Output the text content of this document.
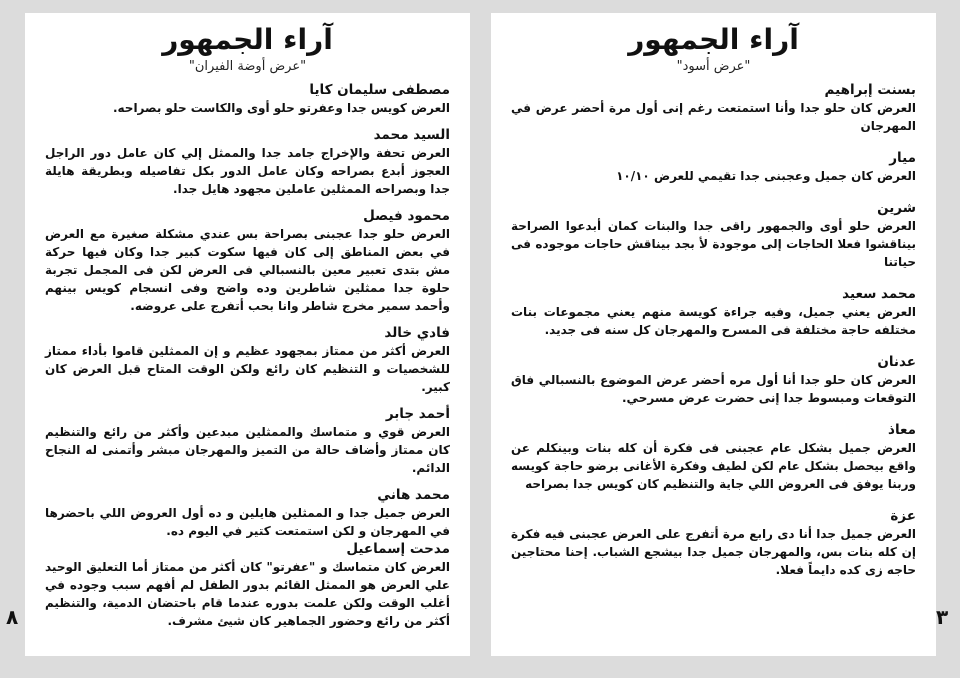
آراء الجمهور
"عرض أوضة الفيران"
مصطفى سليمان كايا
العرض كويس جدا وعفرتو حلو أوى والكاست حلو بصراحه.
السيد محمد
العرض تحفة والإخراج جامد جدا والممثل إلي كان عامل دور الراجل العجوز أبدع بصراحه وكان عامل الدور بكل تفاصيله وبطريقة هايلة جدا وبصراحه الممثلين عاملين مجهود هايل جدا.
محمود فيصل
العرض حلو جدا عجبنى بصراحة بس عندي مشكلة صغيرة مع العرض في بعض المناطق إلى كان فيها سكوت كبير جدا وكان فيها حركة مش بتدى تعبير معين بالنسبالي فى العرض لكن فى المجمل تجربة حلوة جدا ممثلين شاطرين وده واضح وفى انسجام كويس بينهم وأحمد سمير مخرج شاطر وانا بحب أتفرج على عروضه.
فادي خالد
العرض أكثر من ممتاز بمجهود عظيم و إن الممثلين قاموا بأداء ممتاز للشخصيات و التنظيم كان رائع ولكن الوقت المتاح قبل العرض كان كبير.
أحمد جابر
العرض قوي و متماسك والممثلين مبدعين وأكثر من رائع والتنظيم كان ممتاز وأضاف حالة من التميز والمهرجان مبشر وأتمنى له النجاح الدائم.
محمد هاني
العرض جميل جدا و الممثلين هايلين و ده أول العروض اللي باحضرها في المهرجان و لكن استمتعت كتير في اليوم ده.
مدحت إسماعيل
العرض كان متماسك و "عفرتو" كان أكثر من ممتاز أما التعليق الوحيد علي العرض هو الممثل القائم بدور الطفل لم أفهم سبب وجوده في أغلب الوقت ولكن علمت بدوره عندما قام باحتضان الدمية، والتنظيم أكثر من رائع وحضور الجماهير كان شيئ مشرف.
آراء الجمهور
"عرض أسود"
بسنت إبراهيم
العرض كان حلو جدا وأنا استمتعت رغم إنى أول مرة أحضر عرض في المهرجان
ميار
العرض كان جميل وعجبنى جدا تقيمي للعرض ١٠/١٠
شرين
العرض حلو أوى والجمهور راقى جدا والبنات كمان أبدعوا الصراحة بيناقشوا فعلا الحاجات إلى موجودة لأ بجد بيناقش حاجات موجوده فى حياتنا
محمد سعيد
العرض يعني جميل، وفيه جراءة كويسة منهم يعني مجموعات بنات مختلفه حاجة مختلفة فى المسرح والمهرجان كل سنه فى جديد.
عدنان
العرض كان حلو جدا أنا أول مره أحضر عرض الموضوع بالنسبالي فاق التوقعات ومبسوط جدا إنى حضرت عرض مسرحي.
معاذ
العرض جميل بشكل عام عجبنى فى فكرة أن كله بنات وبينكلم عن واقع بيحصل بشكل عام لكن لطيف وفكرة الأغانى برضو حاجة كويسه وربنا يوفق فى العروض اللي جاية والتنظيم كان كويس جدا بصراحه
عزة
العرض جميل جدا أنا دى رابع مرة أتفرج على العرض عجبنى فيه فكرة إن كله بنات بس، والمهرجان جميل جدا بيشجع الشباب. إحنا محتاجين حاجه زى كده دايماً فعلا.
٨	٣
